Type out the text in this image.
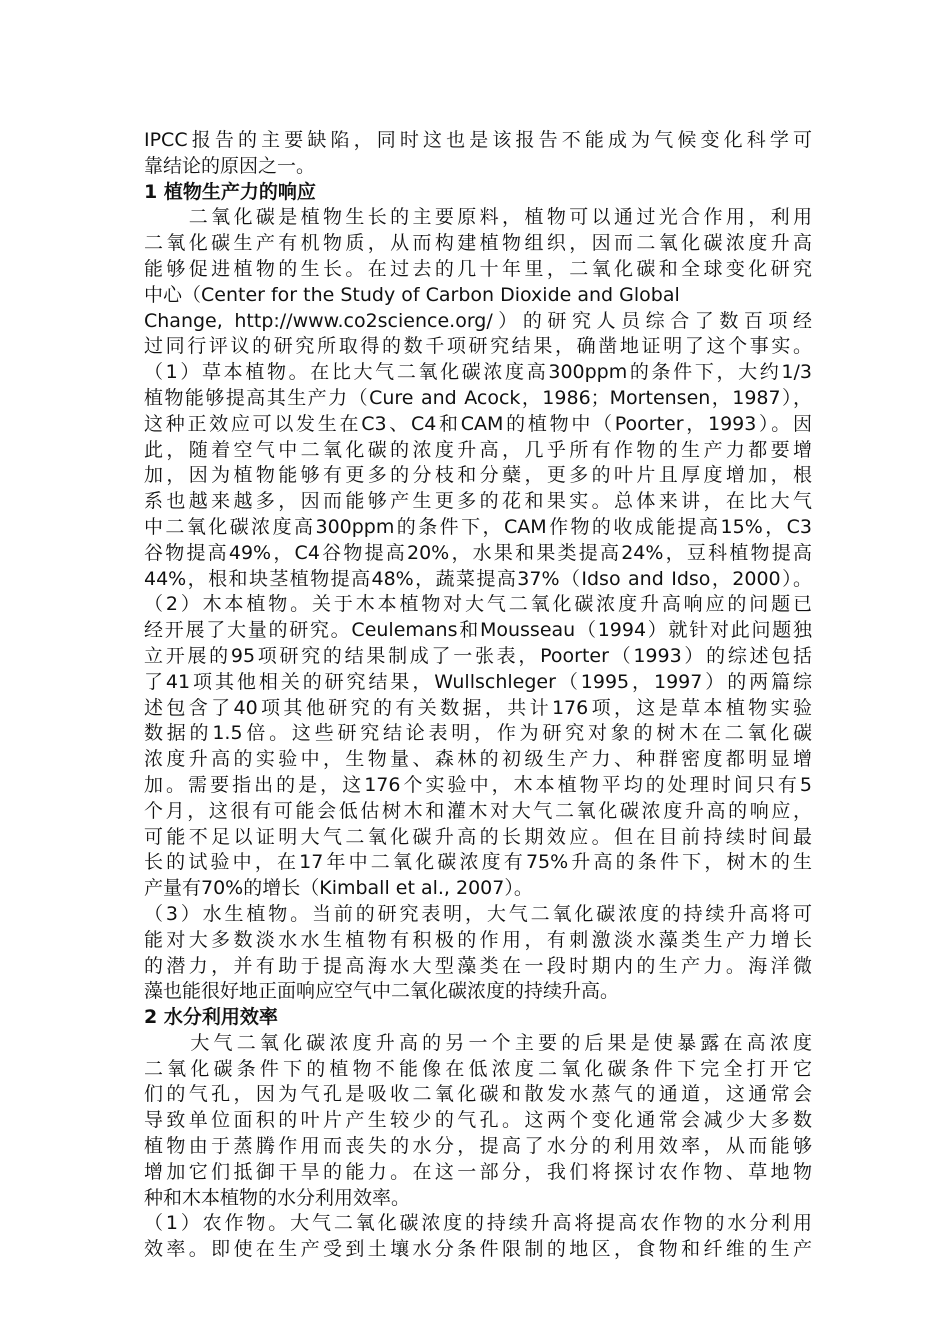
IPCC报告的主要缺陷，同时这也是该报告不能成为气候变化科学可
靠结论的原因之一。
1 植物生产力的响应
　　二氧化碳是植物生长的主要原料，植物可以通过光合作用，利用
二氧化碳生产有机物质，从而构建植物组织，因而二氧化碳浓度升高
能够促进植物的生长。在过去的几十年里，二氧化碳和全球变化研究
中心（Center for the Study of Carbon Dioxide and Global
Change, http://www.co2science.org/）的研究人员综合了数百项经
过同行评议的研究所取得的数千项研究结果，确凿地证明了这个事实。
（1）草本植物。在比大气二氧化碳浓度高300ppm的条件下，大约1/3
植物能够提高其生产力（Cure and Acock，1986；Mortensen，1987），
这种正效应可以发生在C3、C4和CAM的植物中（Poorter，1993）。因
此，随着空气中二氧化碳的浓度升高，几乎所有作物的生产力都要增
加，因为植物能够有更多的分枝和分蘖，更多的叶片且厚度增加，根
系也越来越多，因而能够产生更多的花和果实。总体来讲，在比大气
中二氧化碳浓度高300ppm的条件下，CAM作物的收成能提高15%，C3
谷物提高49%，C4谷物提高20%，水果和果类提高24%，豆科植物提高
44%，根和块茎植物提高48%，蔬菜提高37%（Idso and Idso，2000）。
（2）木本植物。关于木本植物对大气二氧化碳浓度升高响应的问题已
经开展了大量的研究。Ceulemans和Mousseau（1994）就针对此问题独
立开展的95项研究的结果制成了一张表，Poorter（1993）的综述包括
了41项其他相关的研究结果，Wullschleger（1995，1997）的两篇综
述包含了40项其他研究的有关数据，共计176项，这是草本植物实验
数据的1.5倍。这些研究结论表明，作为研究对象的树木在二氧化碳
浓度升高的实验中，生物量、森林的初级生产力、种群密度都明显增
加。需要指出的是，这176个实验中，木本植物平均的处理时间只有5
个月，这很有可能会低估树木和灌木对大气二氧化碳浓度升高的响应，
可能不足以证明大气二氧化碳升高的长期效应。但在目前持续时间最
长的试验中，在17年中二氧化碳浓度有75%升高的条件下，树木的生
产量有70%的增长（Kimball et al., 2007）。
（3）水生植物。当前的研究表明，大气二氧化碳浓度的持续升高将可
能对大多数淡水水生植物有积极的作用，有刺激淡水藻类生产力增长
的潜力，并有助于提高海水大型藻类在一段时期内的生产力。海洋微
藻也能很好地正面响应空气中二氧化碳浓度的持续升高。
2 水分利用效率
　　大气二氧化碳浓度升高的另一个主要的后果是使暴露在高浓度
二氧化碳条件下的植物不能像在低浓度二氧化碳条件下完全打开它
们的气孔，因为气孔是吸收二氧化碳和散发水蒸气的通道，这通常会
导致单位面积的叶片产生较少的气孔。这两个变化通常会减少大多数
植物由于蒸腾作用而丧失的水分，提高了水分的利用效率，从而能够
增加它们抵御干旱的能力。在这一部分，我们将探讨农作物、草地物
种和木本植物的水分利用效率。
（1）农作物。大气二氧化碳浓度的持续升高将提高农作物的水分利用
效率。即使在生产受到土壤水分条件限制的地区，食物和纤维的生产
